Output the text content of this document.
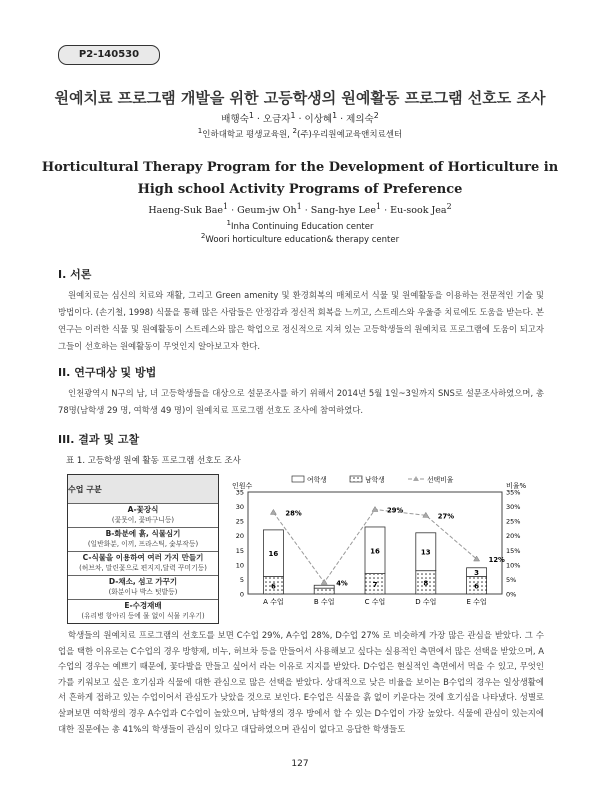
P2-140530
원예치료 프로그램 개발을 위한 고등학생의 원예활동 프로그램 선호도 조사
배행숙$^1$ · 오금자$^1$ · 이상혜$^1$ · 제의숙$^2$
$^1$인하대학교 평생교육원, $^2$(주)우리원예교육앤치료센터
Horticultural Therapy Program for the Development of Horticulture in
High school Activity Programs of Preference
Haeng-Suk Bae$^1$ · Geum-jw $Oh^1$ · Sang-hye Lee$^1$ · Eu-sook Jea$^2$
$^1$Inha Continuing Education center
$^2$Woori horticulture education& therapy center
I. 서론
원예치료는 심신의 치료와 재활, 그리고 Green amenity 및 환경회복의 매체로서 식물 및 원예활동을 이용하는 전문적인 기술 및 방법이다. (손기철, 1998) 식물을 통해 많은 사람들은 안정감과 정신적 회복을 느끼고, 스트레스와 우울증 치료에도 도움을 받는다. 본 연구는 이러한 식물 및 원예활동이 스트레스와 많은 학업으로 정신적으로 지쳐 있는 고등학생들의 원예치료 프로그램에 도움이 되고자 그들이 선호하는 원예활동이 무엇인지 알아보고자 한다.
II. 연구대상 및 방법
인천광역시 N구의 남, 녀 고등학생들을 대상으로 설문조사를 하기 위해서 2014년 5월 1일~3일까지 SNS로 설문조사하였으며, 총 78명(남학생 29 명, 여학생 49 명)이 원예치료 프로그램 선호도 조사에 참여하였다.
III. 결과 및 고찰
표 1. 고등학생 원예 활동 프로그램 선호도 조사
수업 구분
A-꽃장식
(꽃뭇이, 꽃바구니등)
B-화분에 흙, 식물심기
(일반화분, 이끼, 프라스틱, 숯부작등)
C-식물을 이용하여 여러 가지 만들기
(허브차, 말린꽃으로 편지지,달력 꾸미기등)
D-채소, 섬고 가꾸기
(화분이나 박스 텃밭등)
E-수경재배
(유리병 항아리 등에 물 없이 식물 키우기)
0	0%
5	5%
10	10%
15	15%
20	20%
25	25%
30	30%
35	35%
인원수	비율%
A 수업	B 수업	C 수업	D 수업	E 수업
16
6
28%
4%
16
7
29%
13
8
27%
3
6
12%
여학생	남학생	선택비율
학생들의 원예치료 프로그램의 선호도를 보면 C수업 29%, A수업 28%, D수업 27% 로 비슷하게 가장 많은 관심을 받았다. 그 수업을 택한 이유로는 C수업의 경우 방향제, 비누, 허브차 등을 만들어서 사용해보고 싶다는 실용적인 측면에서 많은 선택을 받았으며, A수업의 경우는 예쁘기 때문에, 꽃다발을 만들고 싶어서 라는 이유로 지지를 받았다. D수업은 현실적인 측면에서 먹을 수 있고, 무엇인가를 키워보고 싶은 호기심과 식물에 대한 관심으로 많은 선택을 받았다. 상대적으로 낮은 비율을 보이는 B수업의 경우는 일상생활에서 흔하게 접하고 있는 수업이어서 관심도가 낮았을 것으로 보인다. E수업은 식물을 흙 없이 키운다는 것에 호기심을 나타냈다. 성별로 살펴보면 여학생의 경우 A수업과 C수업이 높았으며, 남학생의 경우 방에서 할 수 있는 D수업이 가장 높았다. 식물에 관심이 있는지에 대한 질문에는 총 41%의 학생들이 관심이 있다고 대답하였으며 관심이 없다고 응답한 학생들도
127
